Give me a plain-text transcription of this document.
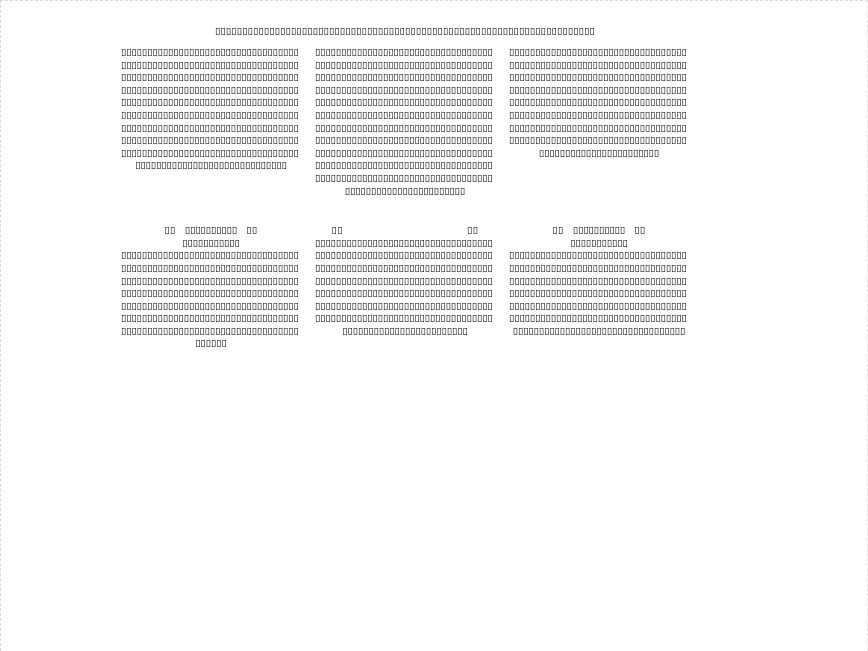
▯▯▯▯▯▯▯▯▯▯▯▯▯▯▯▯▯▯▯▯▯▯▯▯▯▯▯▯▯▯▯▯▯▯▯▯▯▯▯▯▯▯▯▯▯▯▯▯▯▯▯▯▯▯▯▯▯▯▯▯▯▯▯▯▯▯▯▯▯▯

▯▯▯▯▯▯▯▯▯▯▯▯▯▯▯▯▯▯▯▯▯▯▯▯▯▯▯▯▯▯▯▯▯▯▯▯▯▯▯▯▯▯▯▯▯▯▯▯▯▯▯▯▯▯▯▯▯▯▯▯▯▯▯▯▯▯▯▯▯▯▯▯▯▯▯▯▯▯▯▯▯▯▯▯▯▯▯▯▯▯▯▯▯▯▯▯▯▯▯▯▯▯▯▯▯▯▯▯▯▯▯▯▯▯▯▯▯▯▯▯▯▯▯▯▯▯▯▯▯▯▯▯▯▯▯▯▯▯▯▯▯▯▯▯▯▯▯▯▯▯▯▯▯▯▯▯▯▯▯▯▯▯▯▯▯▯▯▯▯▯▯▯▯▯▯▯▯▯▯▯▯▯▯▯▯▯▯▯▯▯▯▯▯▯▯▯▯▯▯▯▯▯▯▯▯▯▯▯▯▯▯▯▯▯▯▯▯▯▯▯▯▯▯▯▯▯▯▯▯▯▯▯▯▯▯▯▯▯▯▯▯▯▯▯▯▯▯▯▯▯▯▯▯▯▯▯▯▯▯▯▯▯▯▯▯▯▯▯▯▯▯▯▯▯▯▯▯▯▯▯▯▯▯▯▯▯▯▯▯▯▯▯▯▯▯▯▯▯▯▯▯▯▯▯▯▯▯▯▯▯▯▯▯▯▯▯▯▯▯▯▯▯▯▯▯▯▯▯▯▯▯▯▯▯▯

▯▯▯▯▯▯▯▯▯▯▯▯▯▯▯▯▯▯▯▯▯▯▯▯▯▯▯▯▯▯▯▯▯▯▯▯▯▯▯▯▯▯▯▯▯▯▯▯▯▯▯▯▯▯▯▯▯▯▯▯▯▯▯▯▯▯▯▯▯▯▯▯▯▯▯▯▯▯▯▯▯▯▯▯▯▯▯▯▯▯▯▯▯▯▯▯▯▯▯▯▯▯▯▯▯▯▯▯▯▯▯▯▯▯▯▯▯▯▯▯▯▯▯▯▯▯▯▯▯▯▯▯▯▯▯▯▯▯▯▯▯▯▯▯▯▯▯▯▯▯▯▯▯▯▯▯▯▯▯▯▯▯▯▯▯▯▯▯▯▯▯▯▯▯▯▯▯▯▯▯▯▯▯▯▯▯▯▯▯▯▯▯▯▯▯▯▯▯▯▯▯▯▯▯▯▯▯▯▯▯▯▯▯▯▯▯▯▯▯▯▯▯▯▯▯▯▯▯▯▯▯▯▯▯▯▯▯▯▯▯▯▯▯▯▯▯▯▯▯▯▯▯▯▯▯▯▯▯▯▯▯▯▯▯▯▯▯▯▯▯▯▯▯▯▯▯▯▯▯▯▯▯▯▯▯▯▯▯▯▯▯▯▯▯▯▯▯▯▯▯▯▯▯▯▯▯▯▯▯▯▯▯▯▯▯▯▯▯▯▯▯▯▯▯▯▯▯▯▯▯▯▯▯▯▯▯▯▯▯▯▯▯▯▯▯▯▯▯▯▯▯▯▯▯▯▯▯▯▯▯▯▯▯▯▯▯▯▯▯▯▯▯▯▯▯▯▯▯▯▯▯▯▯▯▯▯▯▯▯▯▯▯▯▯▯▯▯

▯▯▯▯▯▯▯▯▯▯▯▯▯▯▯▯▯▯▯▯▯▯▯▯▯▯▯▯▯▯▯▯▯▯▯▯▯▯▯▯▯▯▯▯▯▯▯▯▯▯▯▯▯▯▯▯▯▯▯▯▯▯▯▯▯▯▯▯▯▯▯▯▯▯▯▯▯▯▯▯▯▯▯▯▯▯▯▯▯▯▯▯▯▯▯▯▯▯▯▯▯▯▯▯▯▯▯▯▯▯▯▯▯▯▯▯▯▯▯▯▯▯▯▯▯▯▯▯▯▯▯▯▯▯▯▯▯▯▯▯▯▯▯▯▯▯▯▯▯▯▯▯▯▯▯▯▯▯▯▯▯▯▯▯▯▯▯▯▯▯▯▯▯▯▯▯▯▯▯▯▯▯▯▯▯▯▯▯▯▯▯▯▯▯▯▯▯▯▯▯▯▯▯▯▯▯▯▯▯▯▯▯▯▯▯▯▯▯▯▯▯▯▯▯▯▯▯▯▯▯▯▯▯▯▯▯▯▯▯▯▯▯▯▯▯▯▯▯▯▯▯▯▯▯▯▯▯▯▯▯▯▯▯▯▯▯▯▯▯▯▯▯▯▯▯▯▯▯▯▯▯▯▯▯▯▯▯▯▯▯▯▯▯▯▯

▯▯ ▯▯▯▯▯▯▯▯▯▯ ▯▯
▯▯▯▯▯▯▯▯▯▯▯

▯▯▯▯▯▯▯▯▯▯▯▯▯▯▯▯▯▯▯▯▯▯▯▯▯▯▯▯▯▯▯▯▯▯▯▯▯▯▯▯▯▯▯▯▯▯▯▯▯▯▯▯▯▯▯▯▯▯▯▯▯▯▯▯▯▯▯▯▯▯▯▯▯▯▯▯▯▯▯▯▯▯▯▯▯▯▯▯▯▯▯▯▯▯▯▯▯▯▯▯▯▯▯▯▯▯▯▯▯▯▯▯▯▯▯▯▯▯▯▯▯▯▯▯▯▯▯▯▯▯▯▯▯▯▯▯▯▯▯▯▯▯▯▯▯▯▯▯▯▯▯▯▯▯▯▯▯▯▯▯▯▯▯▯▯▯▯▯▯▯▯▯▯▯▯▯▯▯▯▯▯▯▯▯▯▯▯▯▯▯▯▯▯▯▯▯▯▯▯▯▯▯▯▯▯▯▯▯▯▯▯▯▯▯▯▯▯▯▯▯▯▯▯▯▯▯▯▯▯▯▯▯▯▯▯▯▯▯▯▯▯▯▯▯

▯▯	▯▯

▯▯▯▯▯▯▯▯▯▯▯▯▯▯▯▯▯▯▯▯▯▯▯▯▯▯▯▯▯▯▯▯▯▯▯▯▯▯▯▯▯▯▯▯▯▯▯▯▯▯▯▯▯▯▯▯▯▯▯▯▯▯▯▯▯▯▯▯▯▯▯▯▯▯▯▯▯▯▯▯▯▯▯▯▯▯▯▯▯▯▯▯▯▯▯▯▯▯▯▯▯▯▯▯▯▯▯▯▯▯▯▯▯▯▯▯▯▯▯▯▯▯▯▯▯▯▯▯▯▯▯▯▯▯▯▯▯▯▯▯▯▯▯▯▯▯▯▯▯▯▯▯▯▯▯▯▯▯▯▯▯▯▯▯▯▯▯▯▯▯▯▯▯▯▯▯▯▯▯▯▯▯▯▯▯▯▯▯▯▯▯▯▯▯▯▯▯▯▯▯▯▯▯▯▯▯▯▯▯▯▯▯▯▯▯▯▯▯▯▯▯▯▯▯▯▯▯▯▯▯▯▯▯▯▯▯▯▯▯▯▯▯▯▯▯▯▯▯▯▯▯▯▯▯▯▯▯▯▯▯▯▯

▯▯ ▯▯▯▯▯▯▯▯▯▯ ▯▯
▯▯▯▯▯▯▯▯▯▯▯

▯▯▯▯▯▯▯▯▯▯▯▯▯▯▯▯▯▯▯▯▯▯▯▯▯▯▯▯▯▯▯▯▯▯▯▯▯▯▯▯▯▯▯▯▯▯▯▯▯▯▯▯▯▯▯▯▯▯▯▯▯▯▯▯▯▯▯▯▯▯▯▯▯▯▯▯▯▯▯▯▯▯▯▯▯▯▯▯▯▯▯▯▯▯▯▯▯▯▯▯▯▯▯▯▯▯▯▯▯▯▯▯▯▯▯▯▯▯▯▯▯▯▯▯▯▯▯▯▯▯▯▯▯▯▯▯▯▯▯▯▯▯▯▯▯▯▯▯▯▯▯▯▯▯▯▯▯▯▯▯▯▯▯▯▯▯▯▯▯▯▯▯▯▯▯▯▯▯▯▯▯▯▯▯▯▯▯▯▯▯▯▯▯▯▯▯▯▯▯▯▯▯▯▯▯▯▯▯▯▯▯▯▯▯▯▯▯▯▯▯▯▯▯▯▯▯▯▯▯▯▯▯▯▯▯▯▯
